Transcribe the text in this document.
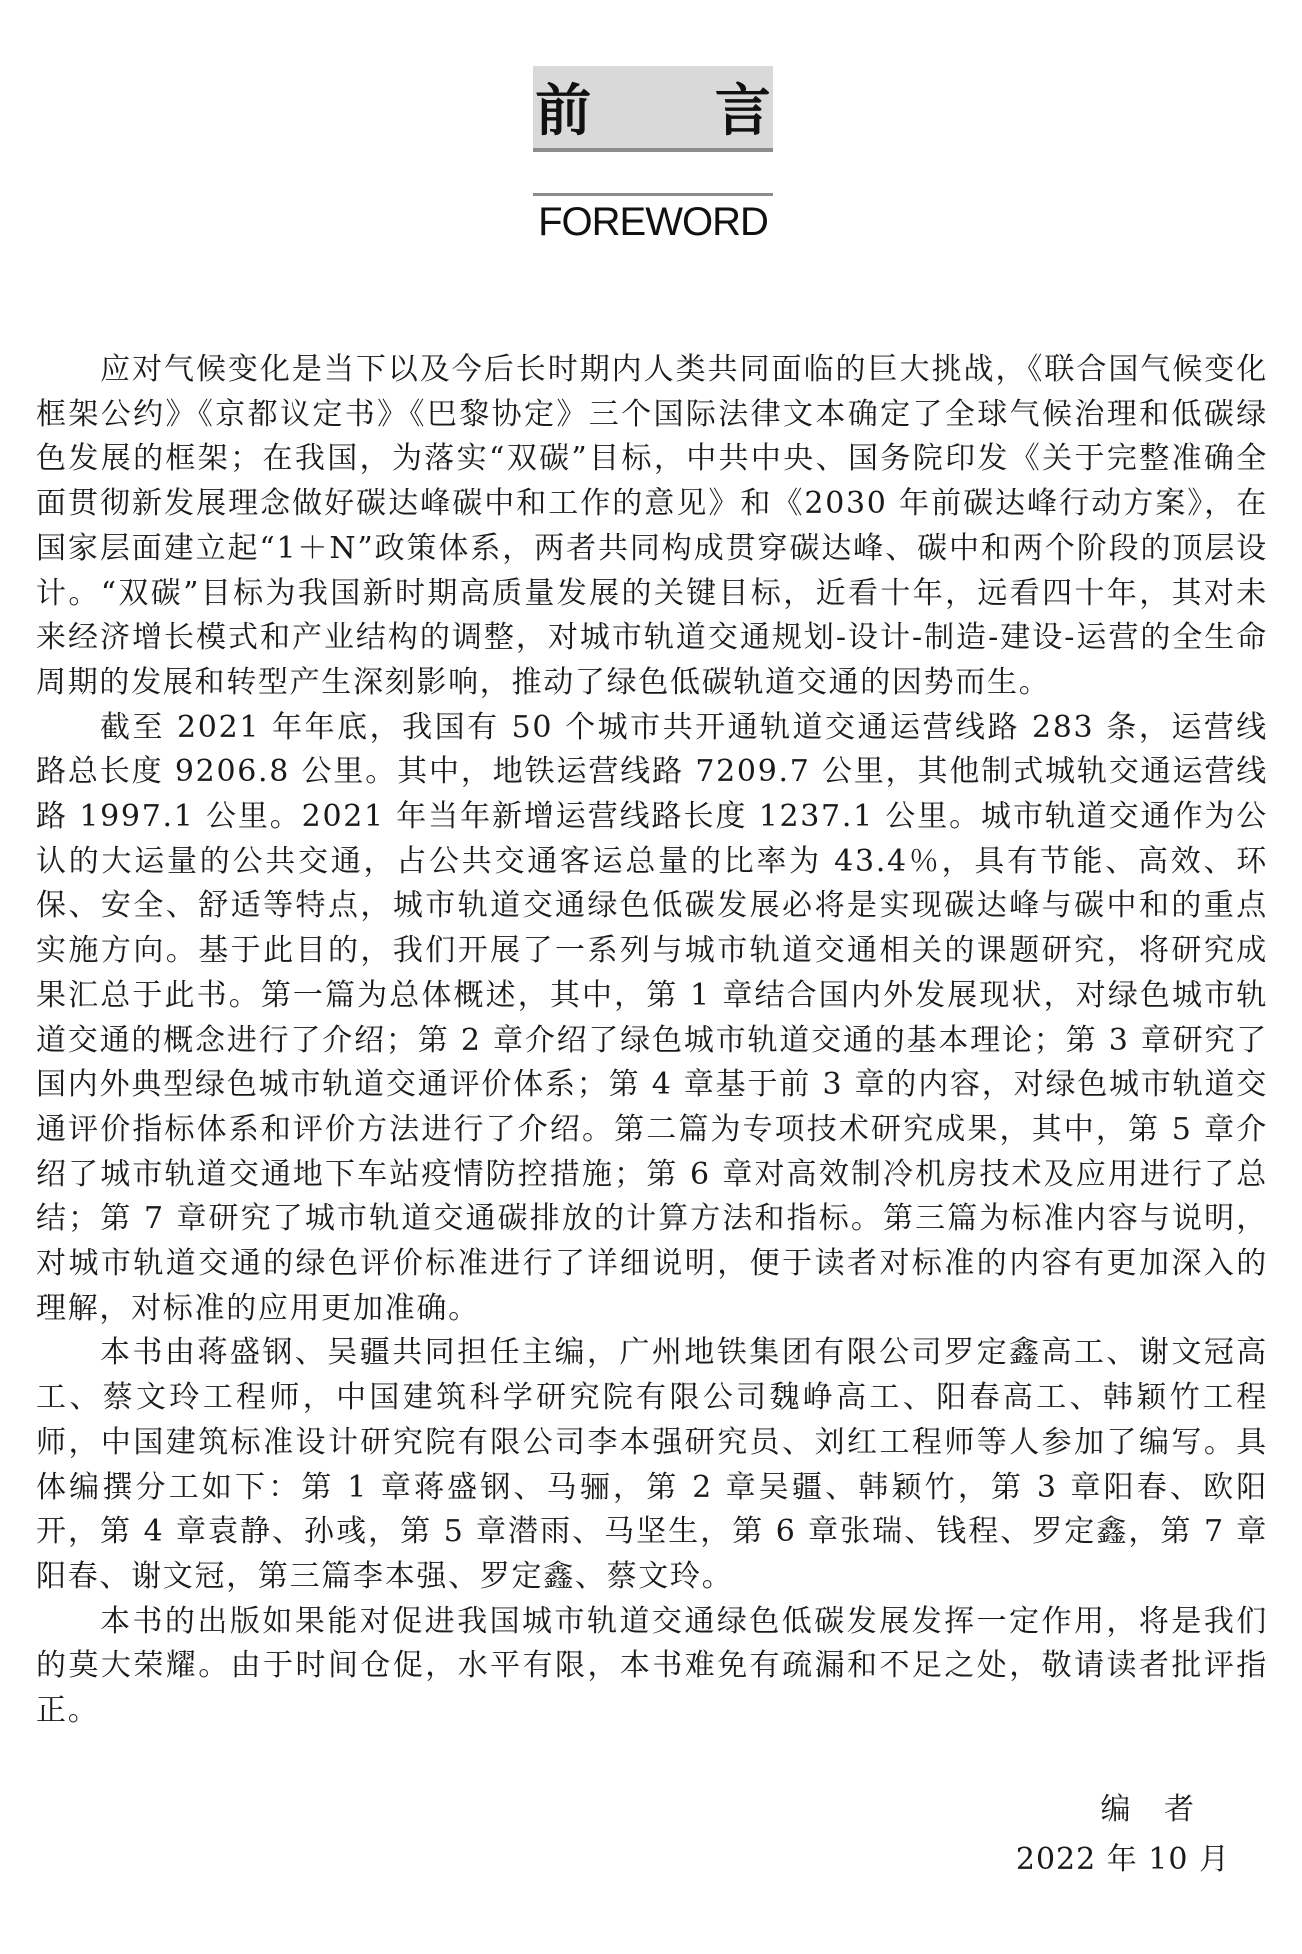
前 言
FOREWORD

应对气候变化是当下以及今后长时期内人类共同面临的巨大挑战，《联合国气候变化框架公约》《京都议定书》《巴黎协定》三个国际法律文本确定了全球气候治理和低碳绿色发展的框架；在我国，为落实“双碳”目标，中共中央、国务院印发《关于完整准确全面贯彻新发展理念做好碳达峰碳中和工作的意见》和《2030 年前碳达峰行动方案》，在国家层面建立起“1＋N”政策体系，两者共同构成贯穿碳达峰、碳中和两个阶段的顶层设计。“双碳”目标为我国新时期高质量发展的关键目标，近看十年，远看四十年，其对未来经济增长模式和产业结构的调整，对城市轨道交通规划-设计-制造-建设-运营的全生命周期的发展和转型产生深刻影响，推动了绿色低碳轨道交通的因势而生。

截至 2021 年年底，我国有 50 个城市共开通轨道交通运营线路 283 条，运营线路总长度 9206.8 公里。其中，地铁运营线路 7209.7 公里，其他制式城轨交通运营线路 1997.1 公里。2021 年当年新增运营线路长度 1237.1 公里。城市轨道交通作为公认的大运量的公共交通，占公共交通客运总量的比率为 43.4％，具有节能、高效、环保、安全、舒适等特点，城市轨道交通绿色低碳发展必将是实现碳达峰与碳中和的重点实施方向。基于此目的，我们开展了一系列与城市轨道交通相关的课题研究，将研究成果汇总于此书。第一篇为总体概述，其中，第 1 章结合国内外发展现状，对绿色城市轨道交通的概念进行了介绍；第 2 章介绍了绿色城市轨道交通的基本理论；第 3 章研究了国内外典型绿色城市轨道交通评价体系；第 4 章基于前 3 章的内容，对绿色城市轨道交通评价指标体系和评价方法进行了介绍。第二篇为专项技术研究成果，其中，第 5 章介绍了城市轨道交通地下车站疫情防控措施；第 6 章对高效制冷机房技术及应用进行了总结；第 7 章研究了城市轨道交通碳排放的计算方法和指标。第三篇为标准内容与说明，对城市轨道交通的绿色评价标准进行了详细说明，便于读者对标准的内容有更加深入的理解，对标准的应用更加准确。

本书由蒋盛钢、吴疆共同担任主编，广州地铁集团有限公司罗定鑫高工、谢文冠高工、蔡文玲工程师，中国建筑科学研究院有限公司魏峥高工、阳春高工、韩颖竹工程师，中国建筑标准设计研究院有限公司李本强研究员、刘红工程师等人参加了编写。具体编撰分工如下：第 1 章蒋盛钢、马骊，第 2 章吴疆、韩颖竹，第 3 章阳春、欧阳开，第 4 章袁静、孙彧，第 5 章潜雨、马坚生，第 6 章张瑞、钱程、罗定鑫，第 7 章阳春、谢文冠，第三篇李本强、罗定鑫、蔡文玲。

本书的出版如果能对促进我国城市轨道交通绿色低碳发展发挥一定作用，将是我们的莫大荣耀。由于时间仓促，水平有限，本书难免有疏漏和不足之处，敬请读者批评指正。

编 者
2022 年 10 月
